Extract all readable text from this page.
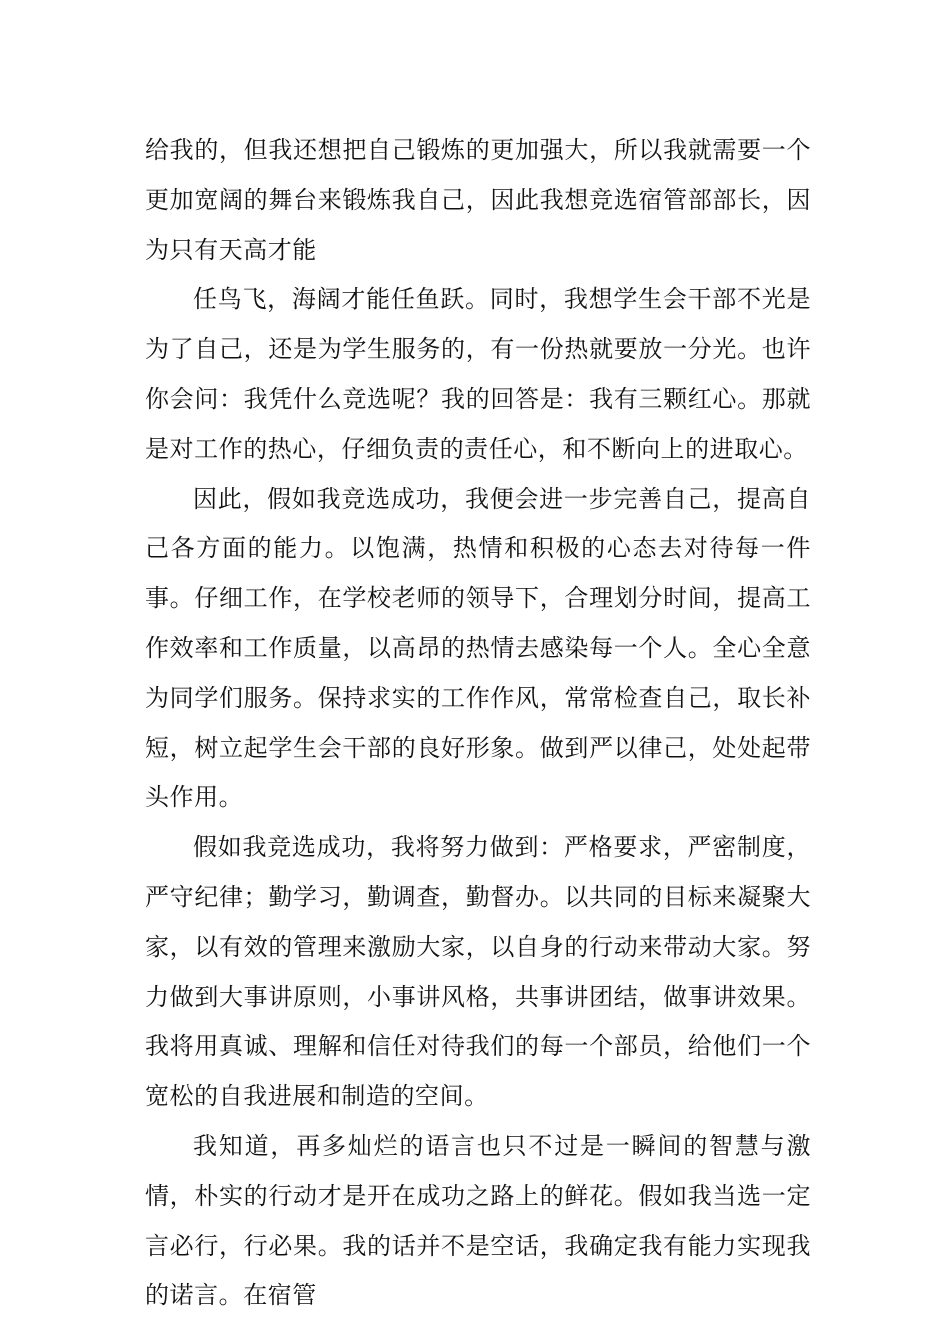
给我的，但我还想把自己锻炼的更加强大，所以我就需要一个更加宽阔的舞台来锻炼我自己，因此我想竞选宿管部部长，因为只有天高才能

任鸟飞，海阔才能任鱼跃。同时，我想学生会干部不光是为了自己，还是为学生服务的，有一份热就要放一分光。也许你会问：我凭什么竞选呢？我的回答是：我有三颗红心。那就是对工作的热心，仔细负责的责任心，和不断向上的进取心。

因此，假如我竞选成功，我便会进一步完善自己，提高自己各方面的能力。以饱满，热情和积极的心态去对待每一件事。仔细工作，在学校老师的领导下，合理划分时间，提高工作效率和工作质量，以高昂的热情去感染每一个人。全心全意为同学们服务。保持求实的工作作风，常常检查自己，取长补短，树立起学生会干部的良好形象。做到严以律己，处处起带头作用。

假如我竞选成功，我将努力做到：严格要求，严密制度，严守纪律；勤学习，勤调查，勤督办。以共同的目标来凝聚大家，以有效的管理来激励大家，以自身的行动来带动大家。努力做到大事讲原则，小事讲风格，共事讲团结，做事讲效果。我将用真诚、理解和信任对待我们的每一个部员，给他们一个宽松的自我进展和制造的空间。

我知道，再多灿烂的语言也只不过是一瞬间的智慧与激情，朴实的行动才是开在成功之路上的鲜花。假如我当选一定言必行，行必果。我的话并不是空话，我确定我有能力实现我的诺言。在宿管
